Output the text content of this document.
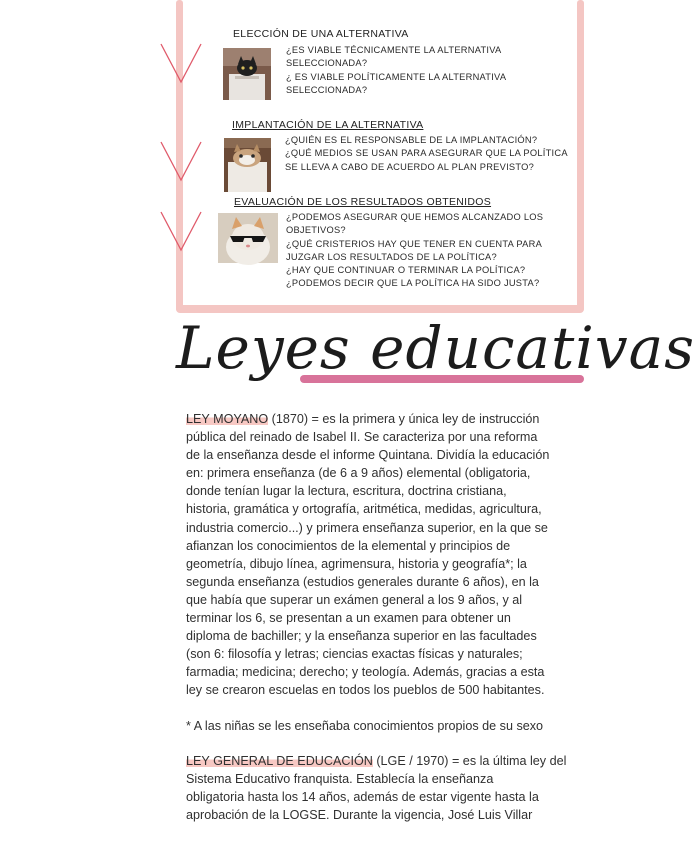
ELECCIÓN DE UNA ALTERNATIVA
¿ES VIABLE TÉCNICAMENTE LA ALTERNATIVA
SELECCIONADA?
¿ ES VIABLE POLÍTICAMENTE LA ALTERNATIVA
SELECCIONADA?
IMPLANTACIÓN DE LA ALTERNATIVA
¿QUIÉN ES EL RESPONSABLE DE LA IMPLANTACIÓN?
¿QUÉ MEDIOS SE USAN PARA ASEGURAR QUE LA POLÍTICA
SE LLEVA A CABO DE ACUERDO AL PLAN PREVISTO?
EVALUACIÓN DE LOS RESULTADOS OBTENIDOS
¿PODEMOS ASEGURAR QUE HEMOS ALCANZADO LOS
OBJETIVOS?
¿QUÉ CRISTERIOS HAY QUE TENER EN CUENTA PARA
JUZGAR LOS RESULTADOS DE LA POLÍTICA?
¿HAY QUE CONTINUAR O TERMINAR LA POLÍTICA?
¿PODEMOS DECIR QUE LA POLÍTICA HA SIDO JUSTA?
Leyes educativas
LEY MOYANO (1870) = es la primera y única ley de instrucción
pública del reinado de Isabel II. Se caracteriza por una reforma
de la enseñanza desde el informe Quintana. Dividía la educación
en: primera enseñanza (de 6 a 9 años) elemental (obligatoria,
donde tenían lugar la lectura, escritura, doctrina cristiana,
historia, gramática y ortografía, aritmética, medidas, agricultura,
industria comercio...) y primera enseñanza superior, en la que se
afianzan los conocimientos de la elemental y principios de
geometría, dibujo línea, agrimensura, historia y geografía*; la
segunda enseñanza (estudios generales durante 6 años), en la
que había que superar un exámen general a los 9 años, y al
terminar los 6, se presentan a un examen para obtener un
diploma de bachiller; y la enseñanza superior en las facultades
(son 6: filosofía y letras; ciencias exactas físicas y naturales;
farmadia; medicina; derecho; y teología. Además, gracias a esta
ley se crearon escuelas en todos los pueblos de 500 habitantes.
* A las niñas se les enseñaba conocimientos propios de su sexo
LEY GENERAL DE EDUCACIÓN (LGE / 1970) = es la última ley del
Sistema Educativo franquista. Establecía la enseñanza
obligatoria hasta los 14 años, además de estar vigente hasta la
aprobación de la LOGSE. Durante la vigencia, José Luis Villar
